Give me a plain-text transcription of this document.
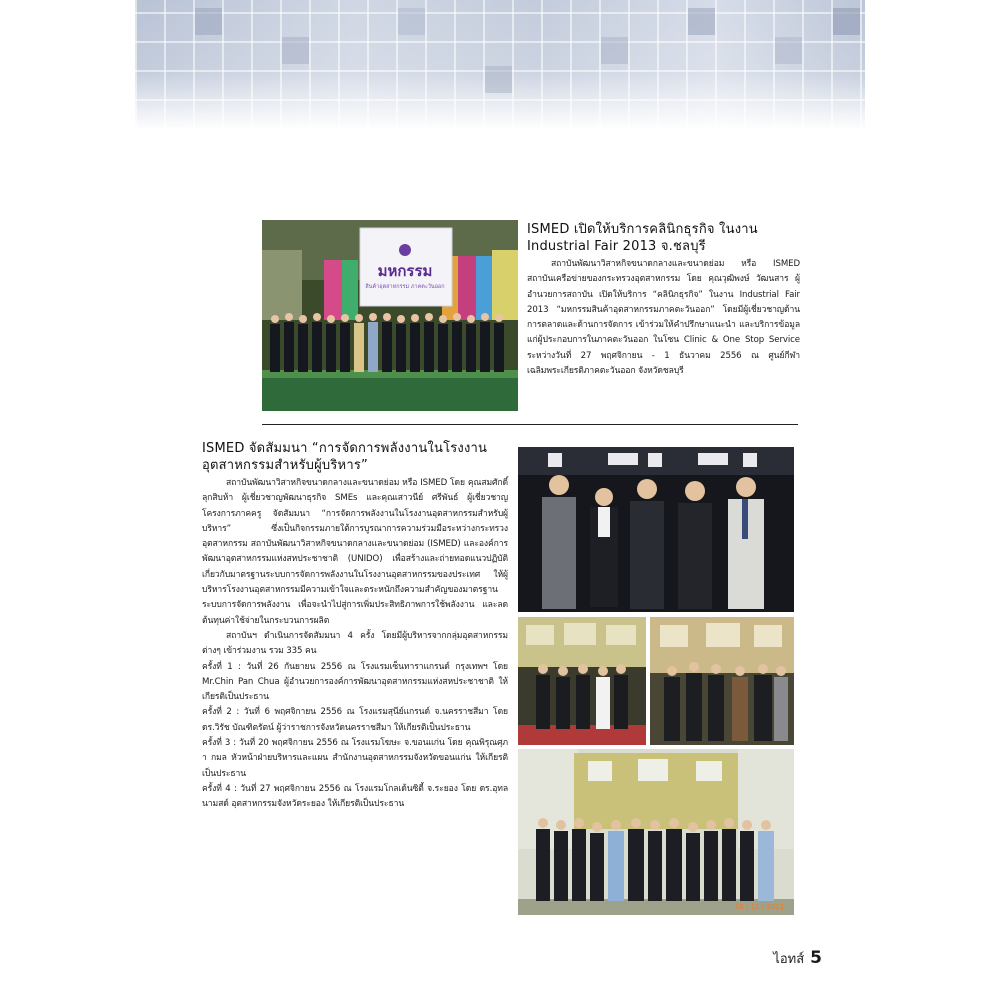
มหกรรม
สินค้าอุตสาหกรรม ภาคตะวันออก
ISMED เปิดให้บริการคลินิกธุรกิจ ในงาน
Industrial Fair 2013 จ.ชลบุรี

สถาบันพัฒนาวิสาหกิจขนาดกลางและขนาดย่อม หรือ ISMED สถาบันเครือข่ายของกระทรวงอุตสาหกรรม โดย คุณวุฒิพงษ์ วัฒนสาร ผู้อำนวยการสถาบัน เปิดให้บริการ “คลินิกธุรกิจ” ในงาน Industrial Fair 2013 “มหกรรมสินค้าอุตสาหกรรมภาคตะวันออก” โดยมีผู้เชี่ยวชาญด้านการตลาดและด้านการจัดการ เข้าร่วมให้คำปรึกษาแนะนำ และบริการข้อมูลแก่ผู้ประกอบการในภาคตะวันออก ในโซน Clinic & One Stop Service ระหว่างวันที่ 27 พฤศจิกายน - 1 ธันวาคม 2556 ณ ศูนย์กีฬาเฉลิมพระเกียรติภาคตะวันออก จังหวัดชลบุรี

ISMED จัดสัมมนา “การจัดการพลังงานในโรงงาน
อุตสาหกรรมสำหรับผู้บริหาร”

สถาบันพัฒนาวิสาหกิจขนาดกลางและขนาดย่อม หรือ ISMED โดย คุณสมศักดิ์ ลุกสิบห้า ผู้เชี่ยวชาญพัฒนาธุรกิจ SMEs และคุณเสาวนีย์ ศรีพันธ์ ผู้เชี่ยวชาญโครงการภาคครู จัดสัมมนา “การจัดการพลังงานในโรงงานอุตสาหกรรมสำหรับผู้บริหาร” ซึ่งเป็นกิจกรรมภายใต้การบูรณาการความร่วมมือระหว่างกระทรวงอุตสาหกรรม สถาบันพัฒนาวิสาหกิจขนาดกลางและขนาดย่อม (ISMED) และองค์การพัฒนาอุตสาหกรรมแห่งสหประชาชาติ (UNIDO) เพื่อสร้างและถ่ายทอดแนวปฏิบัติเกี่ยวกับมาตรฐานระบบการจัดการพลังงานในโรงงานอุตสาหกรรมของประเทศ ให้ผู้บริหารโรงงานอุตสาหกรรมมีความเข้าใจและตระหนักถึงความสำคัญของมาตรฐานระบบการจัดการพลังงาน เพื่อจะนำไปสู่การเพิ่มประสิทธิภาพการใช้พลังงาน และลดต้นทุนค่าใช้จ่ายในกระบวนการผลิต

สถาบันฯ ดำเนินการจัดสัมมนา 4 ครั้ง โดยมีผู้บริหารจากกลุ่มอุตสาหกรรมต่างๆ เข้าร่วมงาน รวม 335 คน

ครั้งที่ 1 : วันที่ 26 กันยายน 2556 ณ โรงแรมเซ็นทาราแกรนด์ กรุงเทพฯ โดย Mr.Chin Pan Chua ผู้อำนวยการองค์การพัฒนาอุตสาหกรรมแห่งสหประชาชาติ ให้เกียรติเป็นประธาน

ครั้งที่ 2 : วันที่ 6 พฤศจิกายน 2556 ณ โรงแรมสุนีย์แกรนด์ จ.นครราชสีมา โดย ดร.วิรัช บัณฑิตรัตน์ ผู้ว่าราชการจังหวัดนครราชสีมา ให้เกียรติเป็นประธาน

ครั้งที่ 3 : วันที่ 20 พฤศจิกายน 2556 ณ โรงแรมโฆษะ จ.ขอนแก่น โดย คุณพิรุณศุภา กมล หัวหน้าฝ่ายบริหารและแผน สำนักงานอุตสาหกรรมจังหวัดขอนแก่น ให้เกียรติเป็นประธาน

ครั้งที่ 4 : วันที่ 27 พฤศจิกายน 2556 ณ โรงแรมโกลเด้นซิตี้ จ.ระยอง โดย ดร.อุทล นามสด์ อุตสาหกรรมจังหวัดระยอง ให้เกียรติเป็นประธาน

28 / 11 / 2013
ไอทส์ 5
